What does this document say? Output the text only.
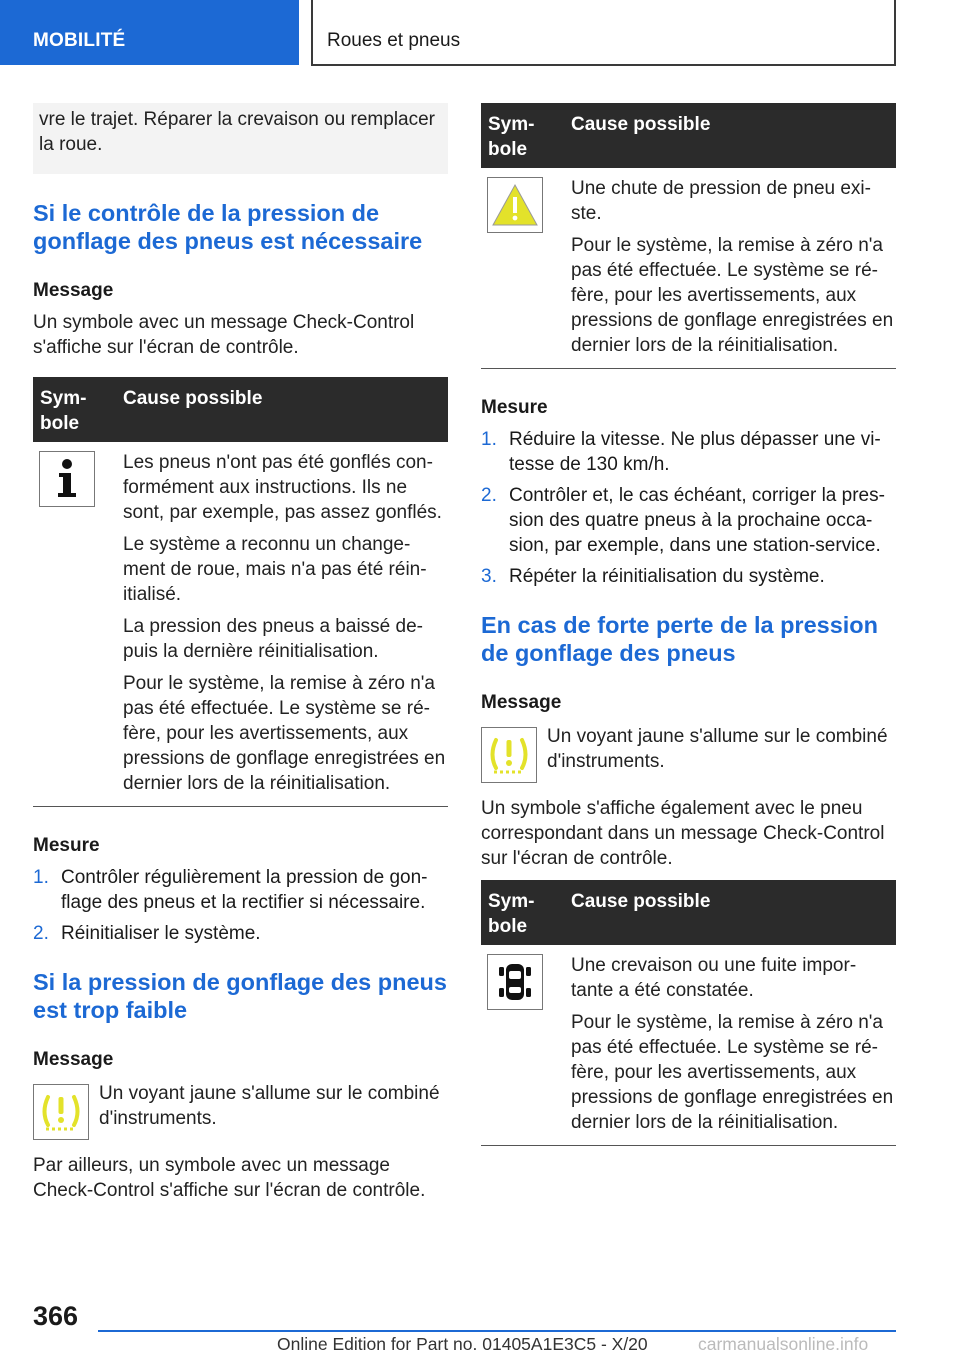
MOBILITÉ	Roues et pneus
vre le trajet. Réparer la crevaison ou remplacer la roue.
Si le contrôle de la pression de gonflage des pneus est nécessaire
Message
Un symbole avec un message Check-Control s'affiche sur l'écran de contrôle.
Sym-bole
Cause possible
Les pneus n'ont pas été gonflés con-formément aux instructions. Ils ne sont, par exemple, pas assez gonflés.
Le système a reconnu un change-ment de roue, mais n'a pas été réin-itialisé.
La pression des pneus a baissé de-puis la dernière réinitialisation.
Pour le système, la remise à zéro n'a pas été effectuée. Le système se ré-fère, pour les avertissements, aux pressions de gonflage enregistrées en dernier lors de la réinitialisation.
Mesure
1. Contrôler régulièrement la pression de gon-flage des pneus et la rectifier si nécessaire.
2. Réinitialiser le système.
Si la pression de gonflage des pneus est trop faible
Message
Un voyant jaune s'allume sur le combiné d'instruments.
Par ailleurs, un symbole avec un message Check-Control s'affiche sur l'écran de contrôle.
Sym-bole
Cause possible
Une chute de pression de pneu exi-ste.
Pour le système, la remise à zéro n'a pas été effectuée. Le système se ré-fère, pour les avertissements, aux pressions de gonflage enregistrées en dernier lors de la réinitialisation.
Mesure
1. Réduire la vitesse. Ne plus dépasser une vi-tesse de 130 km/h.
2. Contrôler et, le cas échéant, corriger la pres-sion des quatre pneus à la prochaine occa-sion, par exemple, dans une station-service.
3. Répéter la réinitialisation du système.
En cas de forte perte de la pression de gonflage des pneus
Message
Un voyant jaune s'allume sur le combiné d'instruments.
Un symbole s'affiche également avec le pneu correspondant dans un message Check-Control sur l'écran de contrôle.
Sym-bole
Cause possible
Une crevaison ou une fuite impor-tante a été constatée.
Pour le système, la remise à zéro n'a pas été effectuée. Le système se ré-fère, pour les avertissements, aux pressions de gonflage enregistrées en dernier lors de la réinitialisation.
366
Online Edition for Part no. 01405A1E3C5 - X/20	carmanualsonline.info
